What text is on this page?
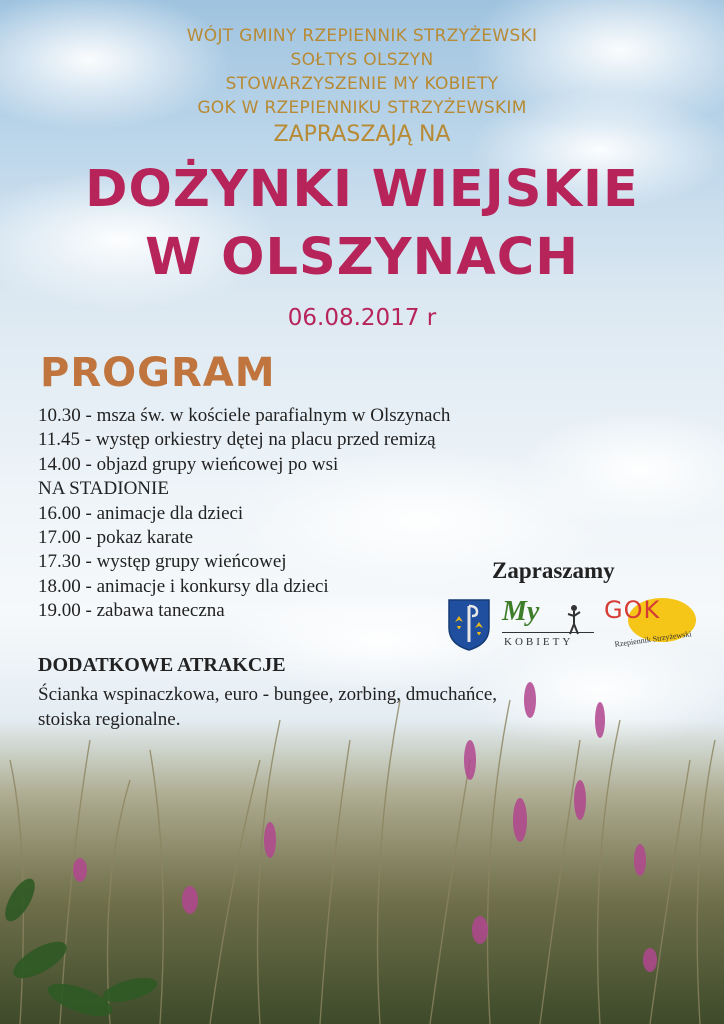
WÓJT GMINY RZEPIENNIK STRZYŻEWSKI

SOŁTYS OLSZYN

STOWARZYSZENIE MY KOBIETY

GOK W RZEPIENNIKU STRZYŻEWSKIM

ZAPRASZAJĄ NA

DOŻYNKI WIEJSKIE
W OLSZYNACH

06.08.2017 r

PROGRAM
10.30 - msza św. w kościele parafialnym w Olszynach
11.45 - występ orkiestry dętej na placu przed remizą
14.00 - objazd grupy wieńcowej po wsi
NA STADIONIE
16.00 - animacje dla dzieci
17.00 - pokaz karate
17.30 - występ grupy wieńcowej
18.00 - animacje i konkursy dla dzieci
19.00 - zabawa taneczna
DODATKOWE ATRAKCJE

Ścianka wspinaczkowa, euro - bungee, zorbing, dmuchańce, stoiska regionalne.

Zapraszamy

My
KOBIETY
GOK
Rzepiennik Strzyżewski
